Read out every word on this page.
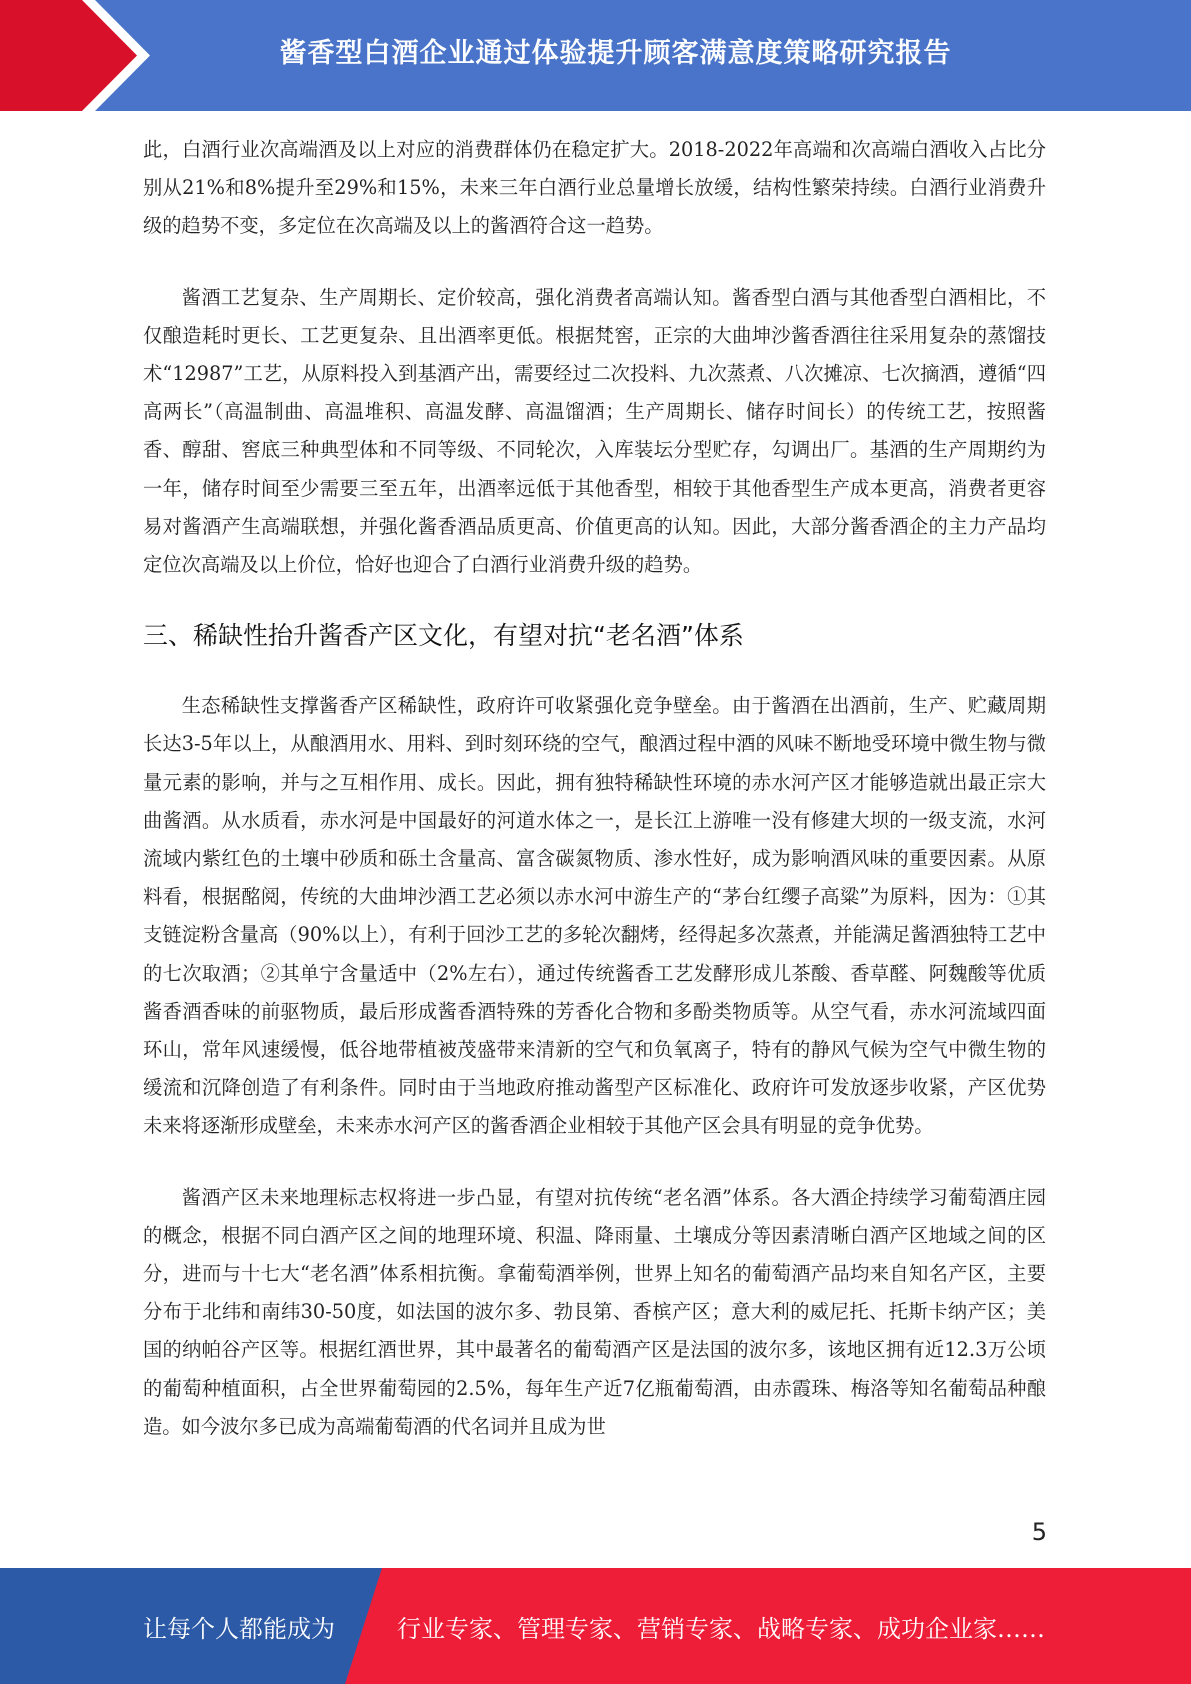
酱香型白酒企业通过体验提升顾客满意度策略研究报告

此，白酒行业次高端酒及以上对应的消费群体仍在稳定扩大。2018-2022年高端和次高端白酒收入占比分别从21%和8%提升至29%和15%，未来三年白酒行业总量增长放缓，结构性繁荣持续。白酒行业消费升级的趋势不变，多定位在次高端及以上的酱酒符合这一趋势。

酱酒工艺复杂、生产周期长、定价较高，强化消费者高端认知。酱香型白酒与其他香型白酒相比，不仅酿造耗时更长、工艺更复杂、且出酒率更低。根据梵窖，正宗的大曲坤沙酱香酒往往采用复杂的蒸馏技术“12987”工艺，从原料投入到基酒产出，需要经过二次投料、九次蒸煮、八次摊凉、七次摘酒，遵循“四高两长”（高温制曲、高温堆积、高温发酵、高温馏酒；生产周期长、储存时间长）的传统工艺，按照酱香、醇甜、窖底三种典型体和不同等级、不同轮次，入库装坛分型贮存，勾调出厂。基酒的生产周期约为一年，储存时间至少需要三至五年，出酒率远低于其他香型，相较于其他香型生产成本更高，消费者更容易对酱酒产生高端联想，并强化酱香酒品质更高、价值更高的认知。因此，大部分酱香酒企的主力产品均定位次高端及以上价位，恰好也迎合了白酒行业消费升级的趋势。

三、稀缺性抬升酱香产区文化，有望对抗“老名酒”体系

生态稀缺性支撑酱香产区稀缺性，政府许可收紧强化竞争壁垒。由于酱酒在出酒前，生产、贮藏周期长达3-5年以上，从酿酒用水、用料、到时刻环绕的空气，酿酒过程中酒的风味不断地受环境中微生物与微量元素的影响，并与之互相作用、成长。因此，拥有独特稀缺性环境的赤水河产区才能够造就出最正宗大曲酱酒。从水质看，赤水河是中国最好的河道水体之一，是长江上游唯一没有修建大坝的一级支流，水河流域内紫红色的土壤中砂质和砾土含量高、富含碳氮物质、渗水性好，成为影响酒风味的重要因素。从原料看，根据酩阅，传统的大曲坤沙酒工艺必须以赤水河中游生产的“茅台红缨子高粱”为原料，因为：①其支链淀粉含量高（90%以上），有利于回沙工艺的多轮次翻烤，经得起多次蒸煮，并能满足酱酒独特工艺中的七次取酒；②其单宁含量适中（2%左右），通过传统酱香工艺发酵形成儿茶酸、香草醛、阿魏酸等优质酱香酒香味的前驱物质，最后形成酱香酒特殊的芳香化合物和多酚类物质等。从空气看，赤水河流域四面环山，常年风速缓慢，低谷地带植被茂盛带来清新的空气和负氧离子，特有的静风气候为空气中微生物的缓流和沉降创造了有利条件。同时由于当地政府推动酱型产区标准化、政府许可发放逐步收紧，产区优势未来将逐渐形成壁垒，未来赤水河产区的酱香酒企业相较于其他产区会具有明显的竞争优势。

酱酒产区未来地理标志权将进一步凸显，有望对抗传统“老名酒”体系。各大酒企持续学习葡萄酒庄园的概念，根据不同白酒产区之间的地理环境、积温、降雨量、土壤成分等因素清晰白酒产区地域之间的区分，进而与十七大“老名酒”体系相抗衡。拿葡萄酒举例，世界上知名的葡萄酒产品均来自知名产区，主要分布于北纬和南纬30-50度，如法国的波尔多、勃艮第、香槟产区；意大利的威尼托、托斯卡纳产区；美国的纳帕谷产区等。根据红酒世界，其中最著名的葡萄酒产区是法国的波尔多，该地区拥有近12.3万公顷的葡萄种植面积，占全世界葡萄园的2.5%，每年生产近7亿瓶葡萄酒，由赤霞珠、梅洛等知名葡萄品种酿造。如今波尔多已成为高端葡萄酒的代名词并且成为世

5
让每个人都能成为	行业专家、管理专家、营销专家、战略专家、成功企业家……
